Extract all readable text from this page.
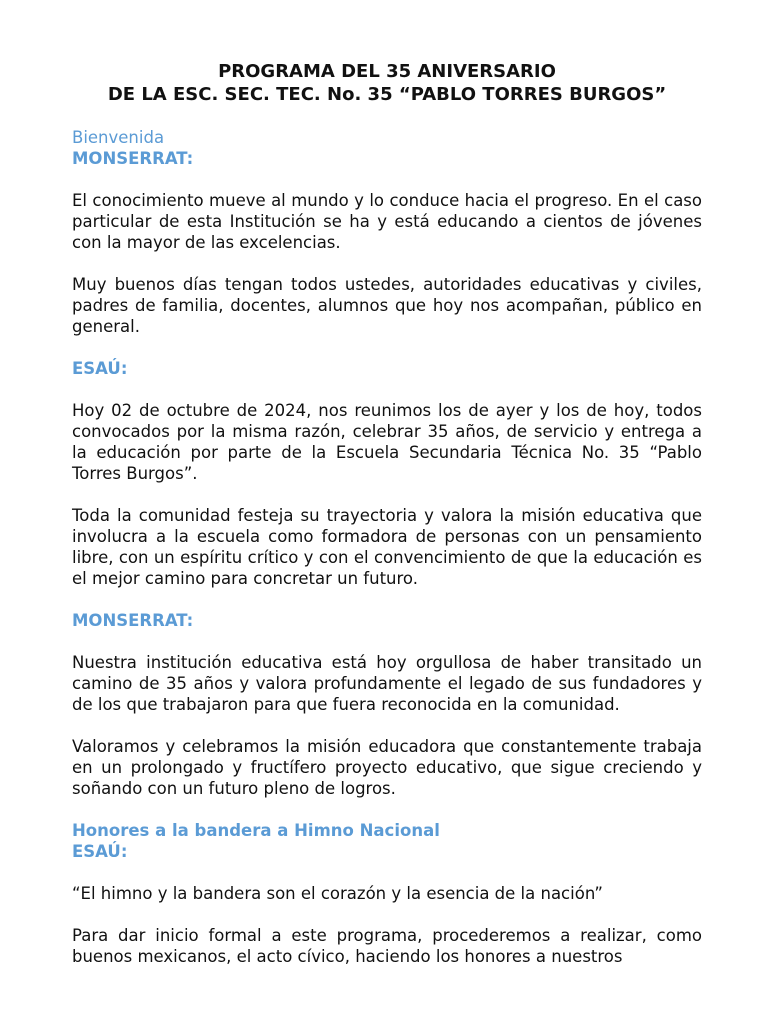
PROGRAMA DEL 35 ANIVERSARIO
DE LA ESC. SEC. TEC. No. 35 “PABLO TORRES BURGOS”
Bienvenida
MONSERRAT:

El conocimiento mueve al mundo y lo conduce hacia el progreso. En el caso particular de esta Institución se ha y está educando a cientos de jóvenes con la mayor de las excelencias.

Muy buenos días tengan todos ustedes, autoridades educativas y civiles, padres de familia, docentes, alumnos que hoy nos acompañan, público en general.

ESAÚ:

Hoy 02 de octubre de 2024, nos reunimos los de ayer y los de hoy, todos convocados por la misma razón, celebrar 35 años, de servicio y entrega a la educación por parte de la Escuela Secundaria Técnica No. 35 “Pablo Torres Burgos”.

Toda la comunidad festeja su trayectoria y valora la misión educativa que involucra a la escuela como formadora de personas con un pensamiento libre, con un espíritu crítico y con el convencimiento de que la educación es el mejor camino para concretar un futuro.

MONSERRAT:

Nuestra institución educativa está hoy orgullosa de haber transitado un camino de 35 años y valora profundamente el legado de sus fundadores y de los que trabajaron para que fuera reconocida en la comunidad.

Valoramos y celebramos la misión educadora que constantemente trabaja en un prolongado y fructífero proyecto educativo, que sigue creciendo y soñando con un futuro pleno de logros.

Honores a la bandera a Himno Nacional
ESAÚ:

“El himno y la bandera son el corazón y la esencia de la nación”

Para dar inicio formal a este programa, procederemos a realizar, como buenos mexicanos, el acto cívico, haciendo los honores a nuestros
